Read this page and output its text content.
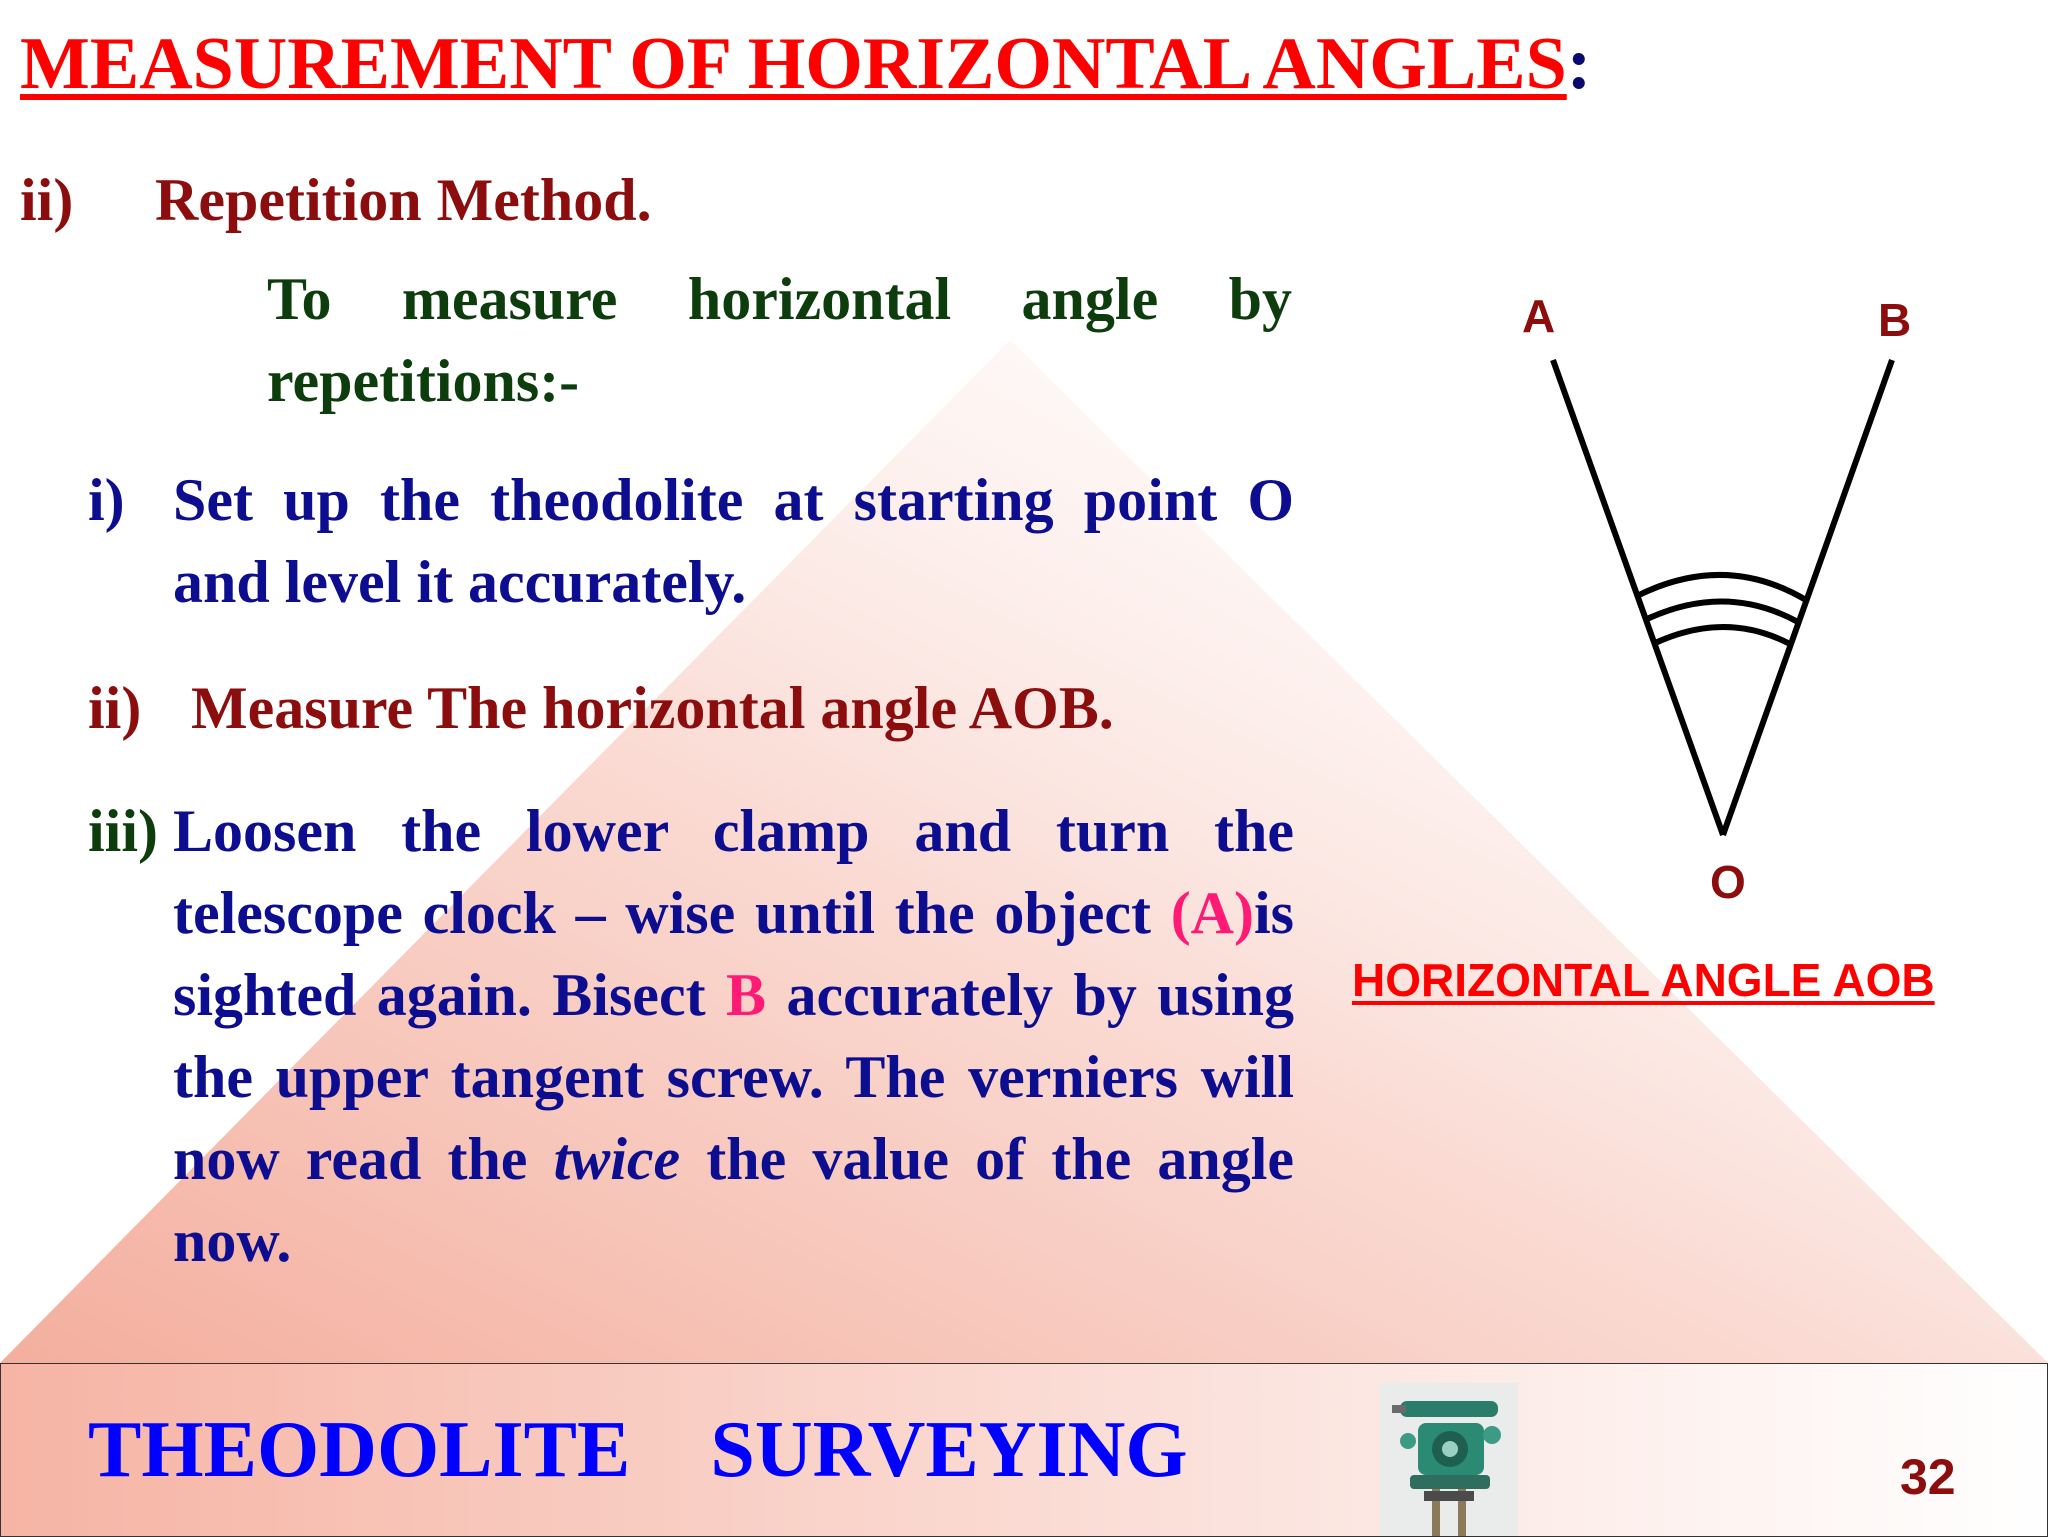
MEASUREMENT OF HORIZONTAL ANGLES:
ii) Repetition Method.
To measure horizontal angle by repetitions:-
i) Set up the theodolite at starting point O and level it accurately.
ii) Measure The horizontal angle AOB.
iii) Loosen the lower clamp and turn the telescope clock – wise until the object (A)is sighted again. Bisect B accurately by using the upper tangent screw. The verniers will now read the twice the value of the angle now.
A	B
O
HORIZONTAL ANGLE AOB
THEODOLITE SURVEYING	32
